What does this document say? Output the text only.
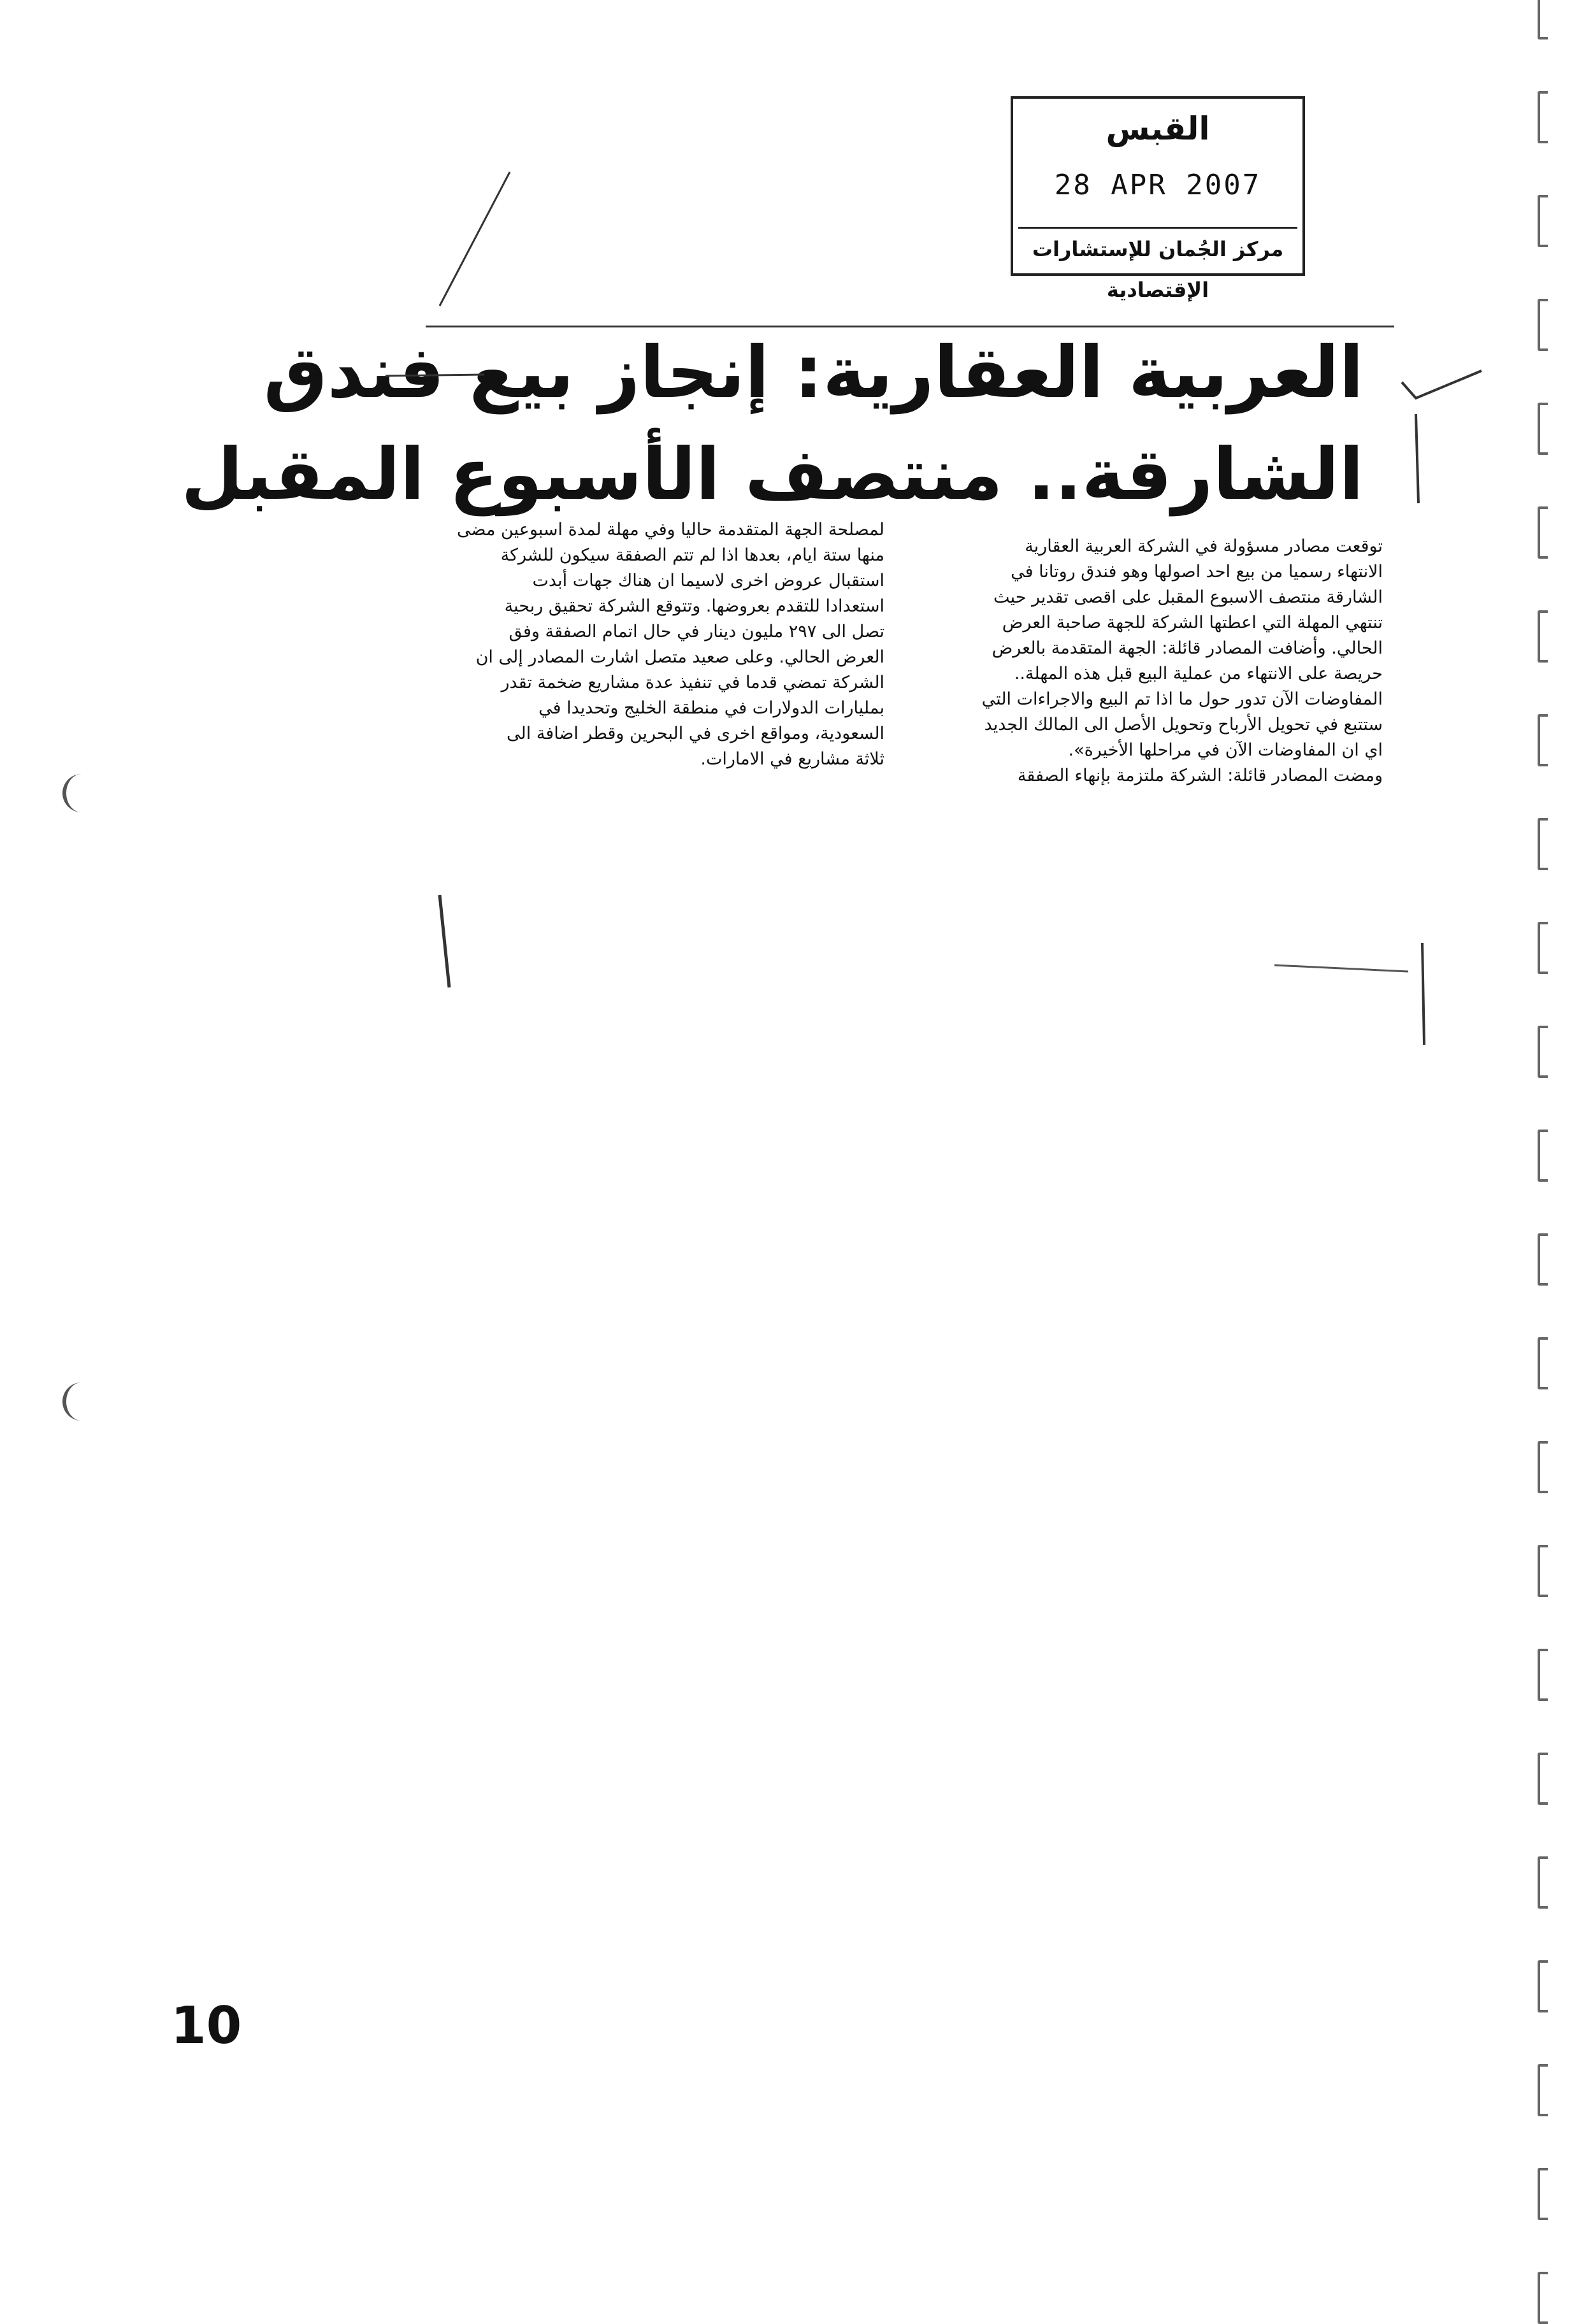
القبس
28 APR 2007
مركز الجُمان للإستشارات الإقتصادية
العربية العقارية: إنجاز بيع فندق
الشارقة.. منتصف الأسبوع المقبل
توقعت مصادر مسؤولة في الشركة العربية العقارية
الانتهاء رسميا من بيع احد اصولها وهو فندق روتانا في
الشارقة منتصف الاسبوع المقبل على اقصى تقدير حيث
تنتهي المهلة التي اعطتها الشركة للجهة صاحبة العرض
الحالي. وأضافت المصادر قائلة: الجهة المتقدمة بالعرض
حريصة على الانتهاء من عملية البيع قبل هذه المهلة..
المفاوضات الآن تدور حول ما اذا تم البيع والاجراءات التي
ستتبع في تحويل الأرباح وتحويل الأصل الى المالك الجديد
اي ان المفاوضات الآن في مراحلها الأخيرة».
ومضت المصادر قائلة: الشركة ملتزمة بإنهاء الصفقة
لمصلحة الجهة المتقدمة حاليا وفي مهلة لمدة اسبوعين مضى
منها ستة ايام، بعدها اذا لم تتم الصفقة سيكون للشركة
استقبال عروض اخرى لاسيما ان هناك جهات أبدت
استعدادا للتقدم بعروضها. وتتوقع الشركة تحقيق ربحية
تصل الى ٢٩٧ مليون دينار في حال اتمام الصفقة وفق
العرض الحالي. وعلى صعيد متصل اشارت المصادر إلى ان
الشركة تمضي قدما في تنفيذ عدة مشاريع ضخمة تقدر
بمليارات الدولارات في منطقة الخليج وتحديدا في
السعودية، ومواقع اخرى في البحرين وقطر اضافة الى
ثلاثة مشاريع في الامارات.
10
